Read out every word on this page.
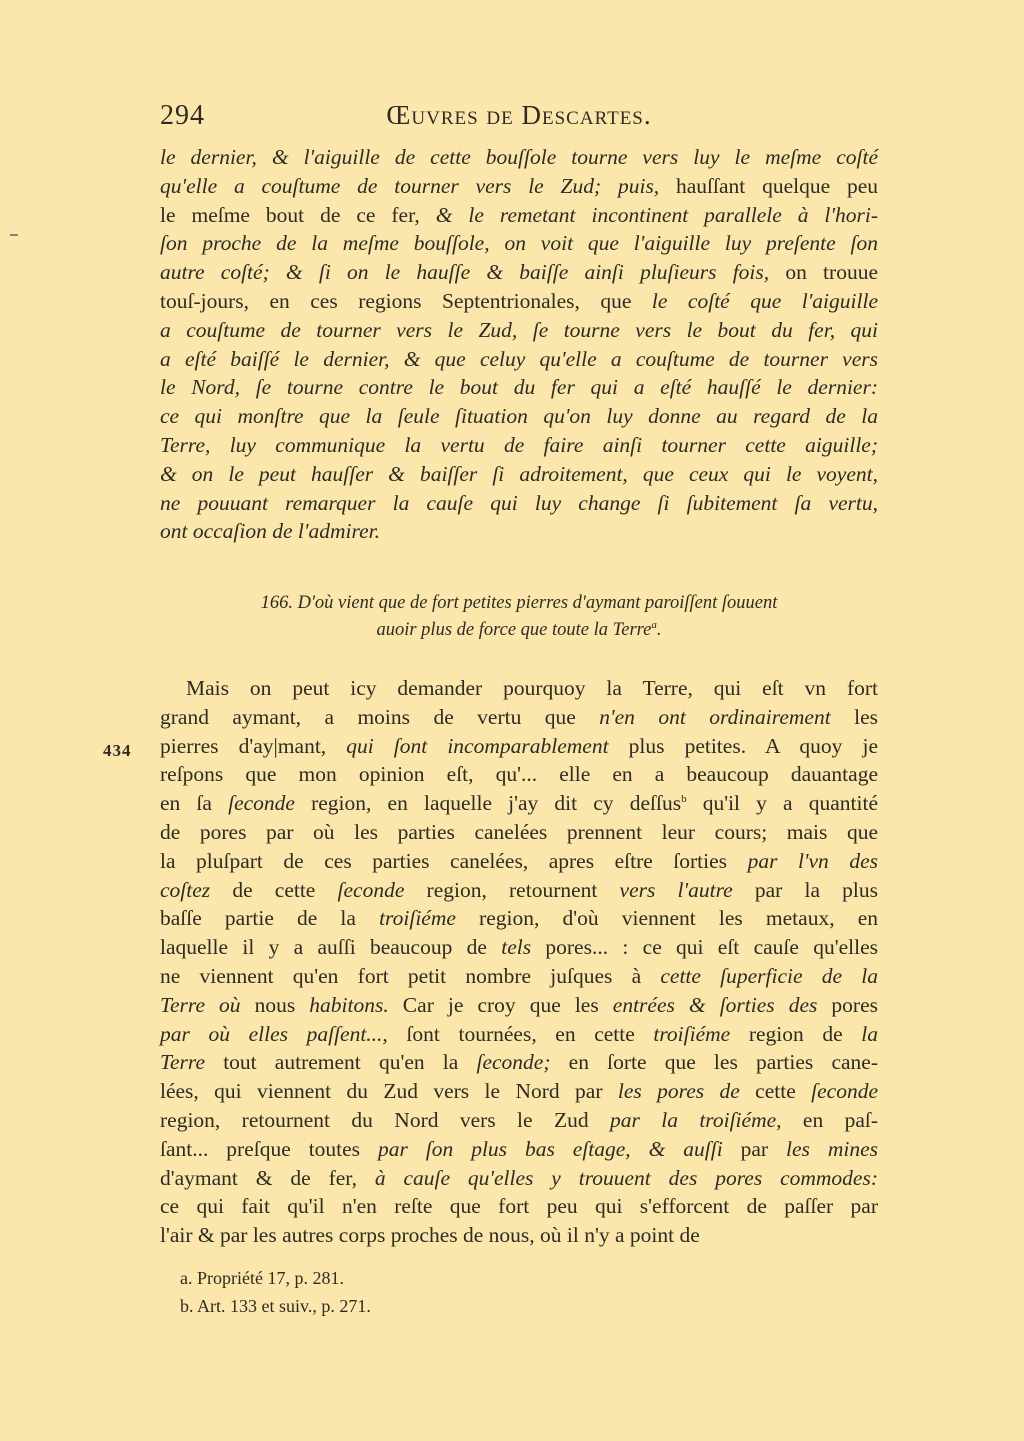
294	Œuvres de Descartes.
le dernier, & l'aiguille de cette bouſſole tourne vers luy le meſme coſté
qu'elle a couſtume de tourner vers le Zud; puis, hauſſant quelque peu
le meſme bout de ce fer, & le remetant incontinent parallele à l'hori-
ſon proche de la meſme bouſſole, on voit que l'aiguille luy preſente ſon
autre coſté; & ſi on le hauſſe & baiſſe ainſi pluſieurs fois, on trouue
touſ-jours, en ces regions Septentrionales, que le coſté que l'aiguille
a couſtume de tourner vers le Zud, ſe tourne vers le bout du fer, qui
a eſté baiſſé le dernier, & que celuy qu'elle a couſtume de tourner vers
le Nord, ſe tourne contre le bout du fer qui a eſté hauſſé le dernier:
ce qui monſtre que la ſeule ſituation qu'on luy donne au regard de la
Terre, luy communique la vertu de faire ainſi tourner cette aiguille;
& on le peut hauſſer & baiſſer ſi adroitement, que ceux qui le voyent,
ne pouuant remarquer la cauſe qui luy change ſi ſubitement ſa vertu,
ont occaſion de l'admirer.
166. D'où vient que de fort petites pierres d'aymant paroiſſent ſouuent
auoir plus de force que toute la Terre$^a$.
434
Mais on peut icy demander pourquoy la Terre, qui eſt vn fort
grand aymant, a moins de vertu que n'en ont ordinairement les
pierres d'ay|mant, qui ſont incomparablement plus petites. A quoy je
reſpons que mon opinion eſt, qu'... elle en a beaucoup dauantage
en ſa ſeconde region, en laquelle j'ay dit cy deſſus$^b$ qu'il y a quantité
de pores par où les parties canelées prennent leur cours; mais que
la pluſpart de ces parties canelées, apres eſtre ſorties par l'vn des
coſtez de cette ſeconde region, retournent vers l'autre par la plus
baſſe partie de la troiſiéme region, d'où viennent les metaux, en
laquelle il y a auſſi beaucoup de tels pores... : ce qui eſt cauſe qu'elles
ne viennent qu'en fort petit nombre juſques à cette ſuperficie de la
Terre où nous habitons. Car je croy que les entrées & ſorties des pores
par où elles paſſent..., ſont tournées, en cette troiſiéme region de la
Terre tout autrement qu'en la ſeconde; en ſorte que les parties cane-
lées, qui viennent du Zud vers le Nord par les pores de cette ſeconde
region, retournent du Nord vers le Zud par la troiſiéme, en paſ-
ſant... preſque toutes par ſon plus bas eſtage, & auſſi par les mines
d'aymant & de fer, à cauſe qu'elles y trouuent des pores commodes:
ce qui fait qu'il n'en reſte que fort peu qui s'efforcent de paſſer par
l'air & par les autres corps proches de nous, où il n'y a point de
a. Propriété 17, p. 281.
b. Art. 133 et suiv., p. 271.
